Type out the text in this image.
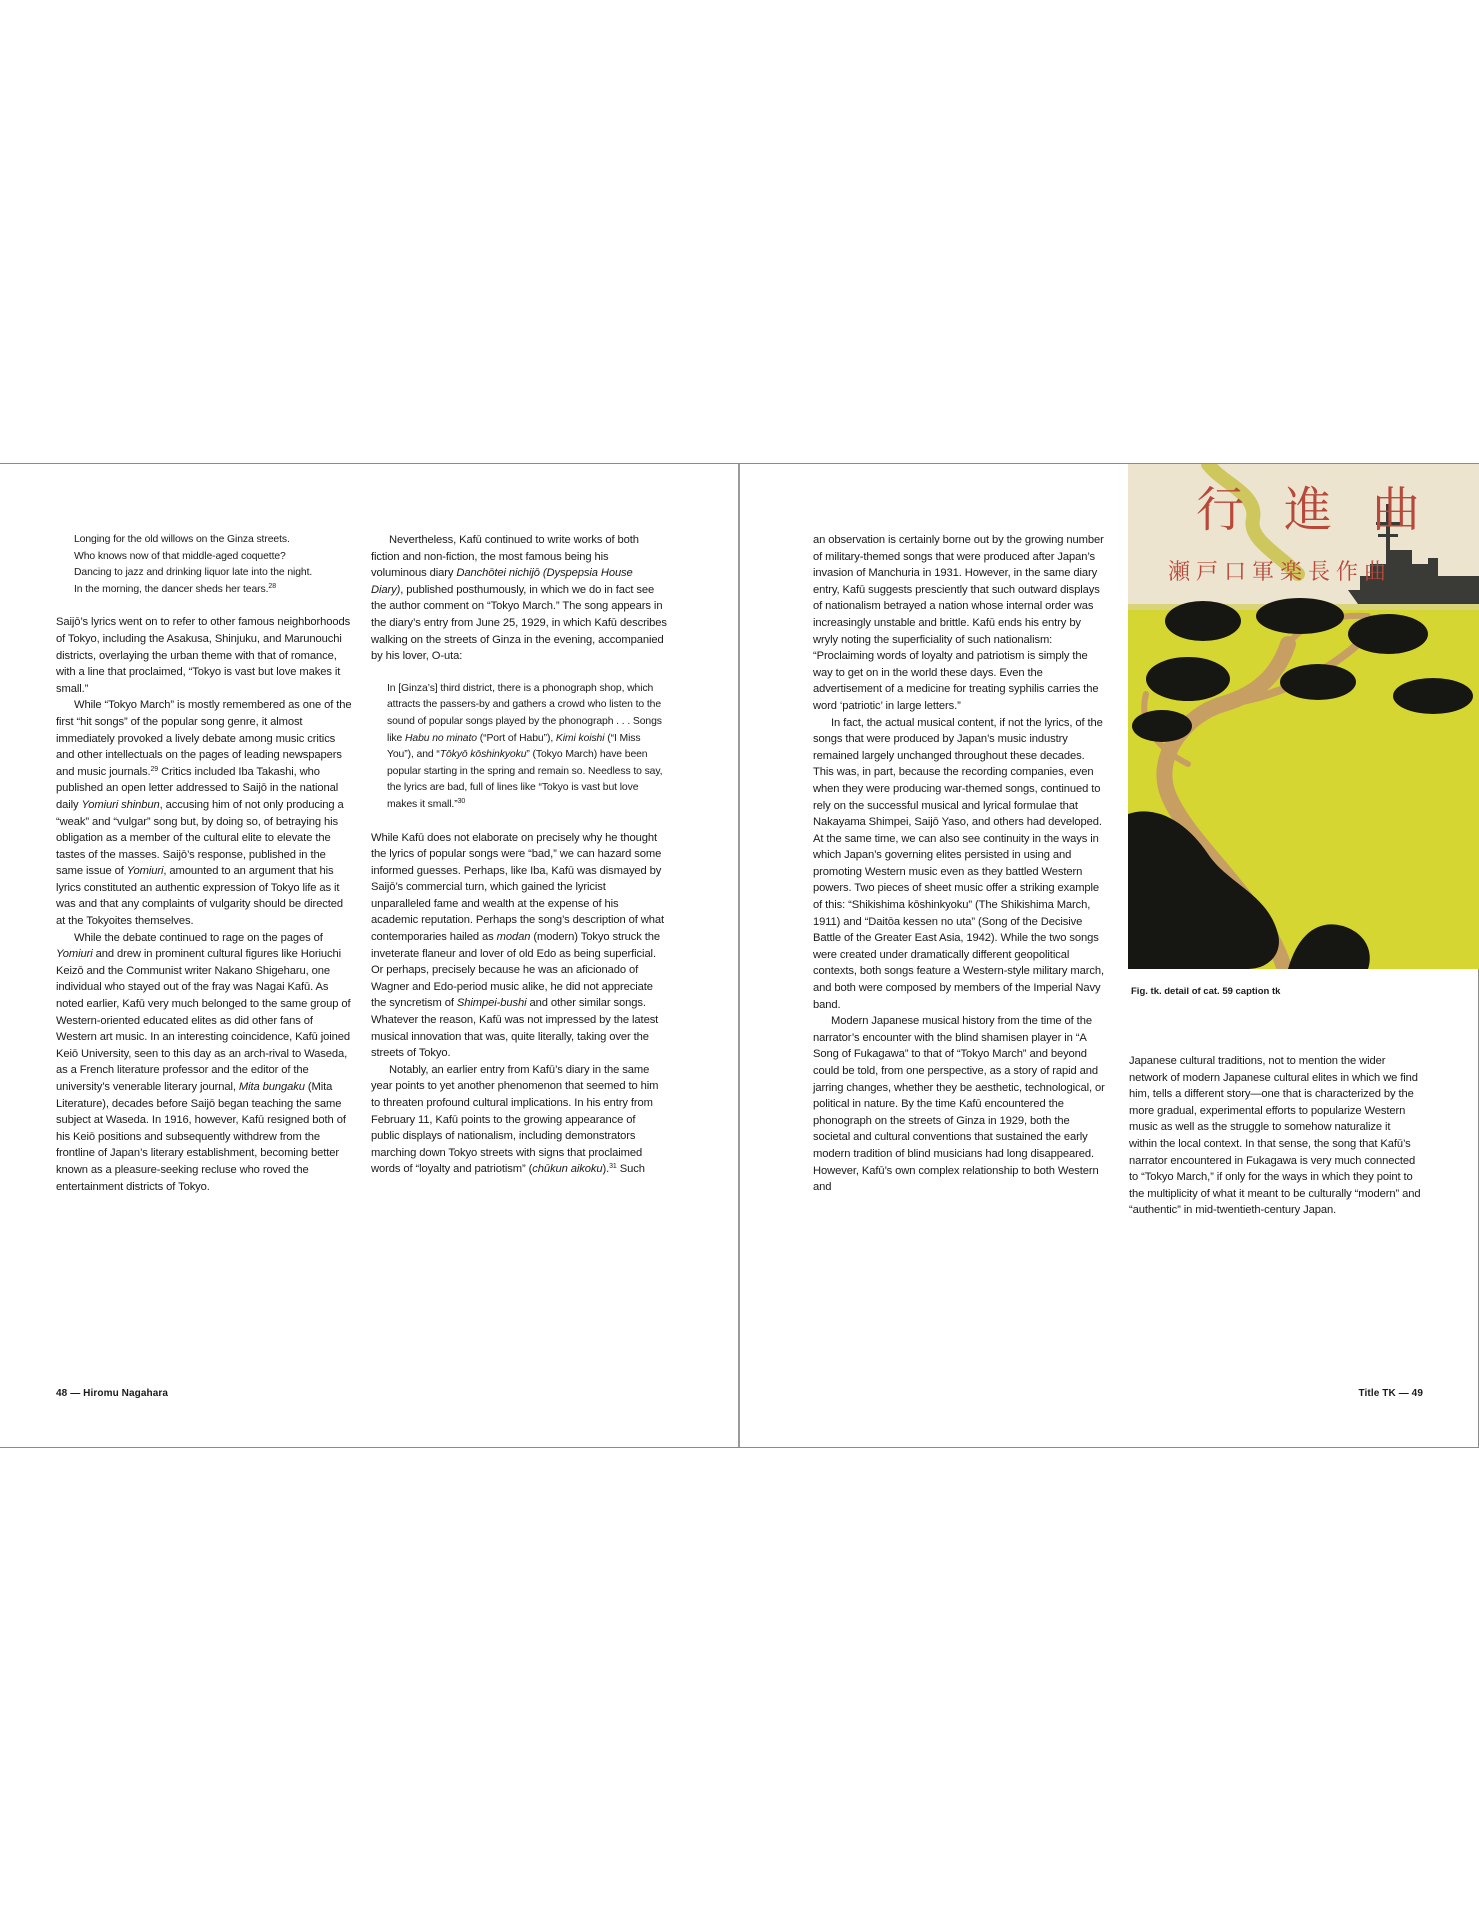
Longing for the old willows on the Ginza streets.
Who knows now of that middle-aged coquette?
Dancing to jazz and drinking liquor late into the night.
In the morning, the dancer sheds her tears.$^{28}$

Saijō’s lyrics went on to refer to other famous neighborhoods of Tokyo, including the Asakusa, Shinjuku, and Marunouchi districts, overlaying the urban theme with that of romance, with a line that proclaimed, “Tokyo is vast but love makes it small.”

While “Tokyo March” is mostly remembered as one of the first “hit songs” of the popular song genre, it almost immediately provoked a lively debate among music critics and other intellectuals on the pages of leading newspapers and music journals.$^{29}$ Critics included Iba Takashi, who published an open letter addressed to Saijō in the national daily Yomiuri shinbun, accusing him of not only producing a “weak” and “vulgar” song but, by doing so, of betraying his obligation as a member of the cultural elite to elevate the tastes of the masses. Saijō’s response, published in the same issue of Yomiuri, amounted to an argument that his lyrics constituted an authentic expression of Tokyo life as it was and that any complaints of vulgarity should be directed at the Tokyoites themselves.

While the debate continued to rage on the pages of Yomiuri and drew in prominent cultural figures like Horiuchi Keizō and the Communist writer Nakano Shigeharu, one individual who stayed out of the fray was Nagai Kafū. As noted earlier, Kafū very much belonged to the same group of Western-oriented educated elites as did other fans of Western art music. In an interesting coincidence, Kafū joined Keiō University, seen to this day as an arch-rival to Waseda, as a French literature professor and the editor of the university’s venerable literary journal, Mita bungaku (Mita Literature), decades before Saijō began teaching the same subject at Waseda. In 1916, however, Kafū resigned both of his Keiō positions and subsequently withdrew from the frontline of Japan’s literary establishment, becoming better known as a pleasure-seeking recluse who roved the entertainment districts of Tokyo.

Nevertheless, Kafū continued to write works of both fiction and non-fiction, the most famous being his voluminous diary Danchōtei nichijō (Dyspepsia House Diary), published posthumously, in which we do in fact see the author comment on “Tokyo March.” The song appears in the diary’s entry from June 25, 1929, in which Kafū describes walking on the streets of Ginza in the evening, accompanied by his lover, O-uta:

In [Ginza’s] third district, there is a phonograph shop, which attracts the passers-by and gathers a crowd who listen to the sound of popular songs played by the phonograph . . . Songs like Habu no minato (“Port of Habu”), Kimi koishi (“I Miss You”), and “Tōkyō kōshinkyoku” (Tokyo March) have been popular starting in the spring and remain so. Needless to say, the lyrics are bad, full of lines like “Tokyo is vast but love makes it small.”$^{30}$

While Kafū does not elaborate on precisely why he thought the lyrics of popular songs were “bad,” we can hazard some informed guesses. Perhaps, like Iba, Kafū was dismayed by Saijō’s commercial turn, which gained the lyricist unparalleled fame and wealth at the expense of his academic reputation. Perhaps the song’s description of what contemporaries hailed as modan (modern) Tokyo struck the inveterate flaneur and lover of old Edo as being superficial. Or perhaps, precisely because he was an aficionado of Wagner and Edo-period music alike, he did not appreciate the syncretism of Shimpei-bushi and other similar songs. Whatever the reason, Kafū was not impressed by the latest musical innovation that was, quite literally, taking over the streets of Tokyo.

Notably, an earlier entry from Kafū’s diary in the same year points to yet another phenomenon that seemed to him to threaten profound cultural implications. In his entry from February 11, Kafū points to the growing appearance of public displays of nationalism, including demonstrators marching down Tokyo streets with signs that proclaimed words of “loyalty and patriotism” (chūkun aikoku).$^{31}$ Such

48 — Hiromu Nagahara

an observation is certainly borne out by the growing number of military-themed songs that were produced after Japan’s invasion of Manchuria in 1931. However, in the same diary entry, Kafū suggests presciently that such outward displays of nationalism betrayed a nation whose internal order was increasingly unstable and brittle. Kafū ends his entry by wryly noting the superficiality of such nationalism: “Proclaiming words of loyalty and patriotism is simply the way to get on in the world these days. Even the advertisement of a medicine for treating syphilis carries the word ‘patriotic’ in large letters.”

In fact, the actual musical content, if not the lyrics, of the songs that were produced by Japan’s music industry remained largely unchanged throughout these decades. This was, in part, because the recording companies, even when they were producing war-themed songs, continued to rely on the successful musical and lyrical formulae that Nakayama Shimpei, Saijō Yaso, and others had developed. At the same time, we can also see continuity in the ways in which Japan’s governing elites persisted in using and promoting Western music even as they battled Western powers. Two pieces of sheet music offer a striking example of this: “Shikishima kōshinkyoku” (The Shikishima March, 1911) and “Daitōa kessen no uta” (Song of the Decisive Battle of the Greater East Asia, 1942). While the two songs were created under dramatically different geopolitical contexts, both songs feature a Western-style military march, and both were composed by members of the Imperial Navy band.

Modern Japanese musical history from the time of the narrator’s encounter with the blind shamisen player in “A Song of Fukagawa” to that of “Tokyo March” and beyond could be told, from one perspective, as a story of rapid and jarring changes, whether they be aesthetic, technological, or political in nature. By the time Kafū encountered the phonograph on the streets of Ginza in 1929, both the societal and cultural conventions that sustained the early modern tradition of blind musicians had long disappeared. However, Kafū’s own complex relationship to both Western and

Japanese cultural traditions, not to mention the wider network of modern Japanese cultural elites in which we find him, tells a different story—one that is characterized by the more gradual, experimental efforts to popularize Western music as well as the struggle to somehow naturalize it within the local context. In that sense, the song that Kafū’s narrator encountered in Fukagawa is very much connected to “Tokyo March,” if only for the ways in which they point to the multiplicity of what it meant to be culturally “modern” and “authentic” in mid-twentieth-century Japan.

行進曲
瀬戸口軍楽長作曲
Fig. tk. detail of cat. 59 caption tk
Title TK — 49
